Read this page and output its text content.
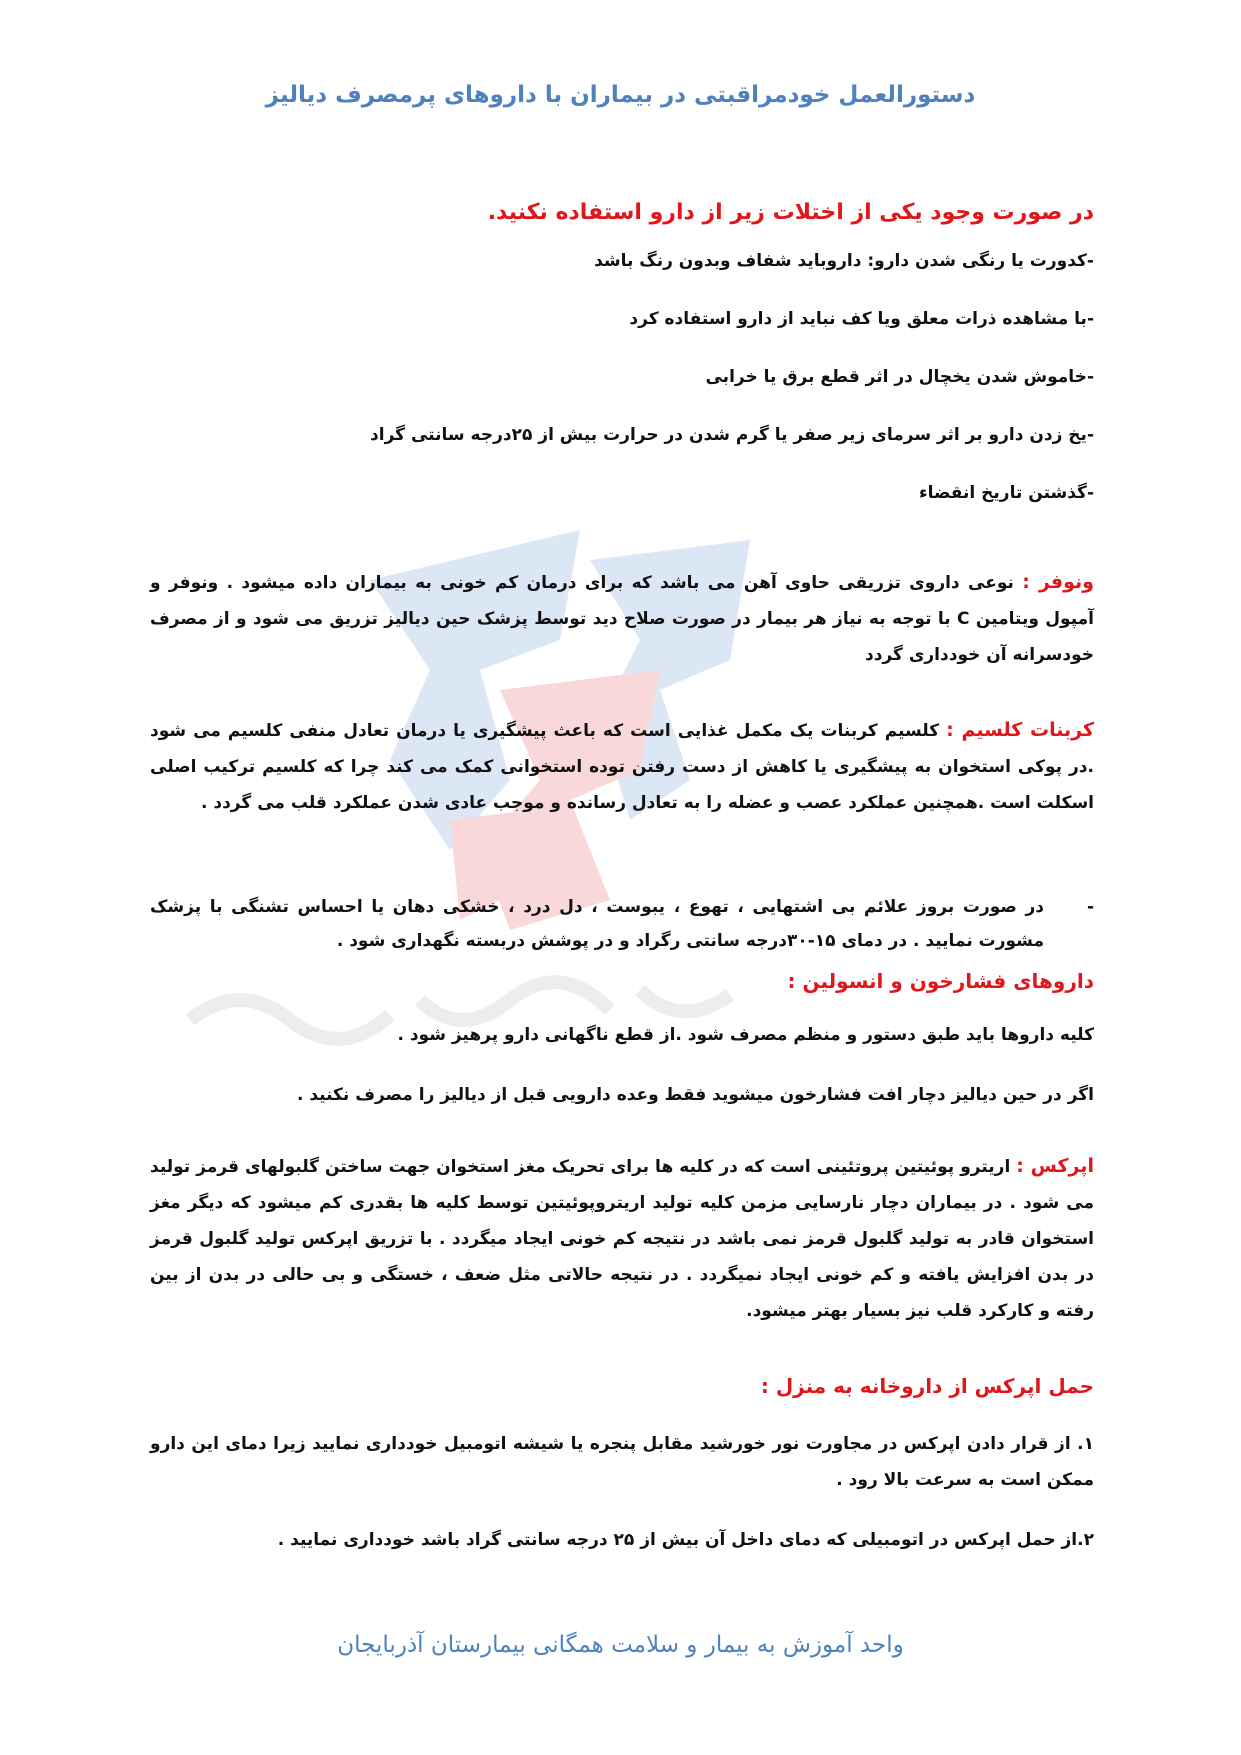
دستورالعمل خودمراقبتی در بیماران با داروهای پرمصرف دیالیز
در صورت وجود یکی از اختلات زیر از دارو استفاده نکنید.
-کدورت یا رنگی شدن دارو: داروباید شفاف وبدون رنگ باشد
-با مشاهده ذرات معلق ویا کف نباید از دارو استفاده کرد
-خاموش شدن یخچال در اثر قطع برق یا خرابی
-یخ زدن دارو بر اثر سرمای زیر صفر یا گرم شدن در حرارت بیش از ۲۵درجه سانتی گراد
-گذشتن تاریخ انقضاء
ونوفر : نوعی داروی تزریقی حاوی آهن می باشد که برای درمان کم خونی به بیماران داده میشود . ونوفر و آمپول ویتامین C با توجه به نیاز هر بیمار در صورت صلاح دید توسط پزشک حین دیالیز تزریق می شود و از مصرف خودسرانه آن خودداری گردد
کربنات کلسیم : کلسیم کربنات یک مکمل غذایی است که باعث پیشگیری یا درمان تعادل منفی کلسیم می شود .در پوکی استخوان به پیشگیری یا کاهش از دست رفتن توده استخوانی کمک می کند چرا که کلسیم ترکیب اصلی اسکلت است .همچنین عملکرد عصب و عضله را به تعادل رسانده و موجب عادی شدن عملکرد قلب می گردد .
-
در صورت بروز علائم بی اشتهایی ، تهوع ، یبوست ، دل درد ، خشکی دهان یا احساس تشنگی با پزشک مشورت نمایید . در دمای ۱۵-۳۰درجه سانتی رگراد و در پوشش دربسته نگهداری شود .
داروهای فشارخون و انسولین :
کلیه داروها باید طبق دستور و منظم مصرف شود .از قطع ناگهانی دارو پرهیز شود .
اگر در حین دیالیز دچار افت فشارخون میشوید فقط وعده دارویی قبل از دیالیز را مصرف نکنید .
اپرکس : اریترو پوئیتین پروتئینی است که در کلیه ها برای تحریک مغز استخوان جهت ساختن گلبولهای قرمز تولید می شود . در بیماران دچار نارسایی مزمن کلیه تولید اریتروپوئیتین توسط کلیه ها بقدری کم میشود که دیگر مغز استخوان قادر به تولید گلبول قرمز نمی باشد در نتیجه کم خونی ایجاد میگردد . با تزریق اپرکس تولید گلبول قرمز در بدن افزایش یافته و کم خونی ایجاد نمیگردد . در نتیجه حالاتی مثل ضعف ، خستگی و بی حالی در بدن از بین رفته و کارکرد قلب نیز بسیار بهتر میشود.
حمل اپرکس از داروخانه به منزل :
۱. از قرار دادن اپرکس در مجاورت نور خورشید مقابل پنجره یا شیشه اتومبیل خودداری نمایید زیرا دمای این دارو ممکن است به سرعت بالا رود .
۲.از حمل اپرکس در اتومبیلی که دمای داخل آن بیش از ۲۵ درجه سانتی گراد باشد خودداری نمایید .
واحد آموزش به بیمار و سلامت همگانی بیمارستان آذربایجان
